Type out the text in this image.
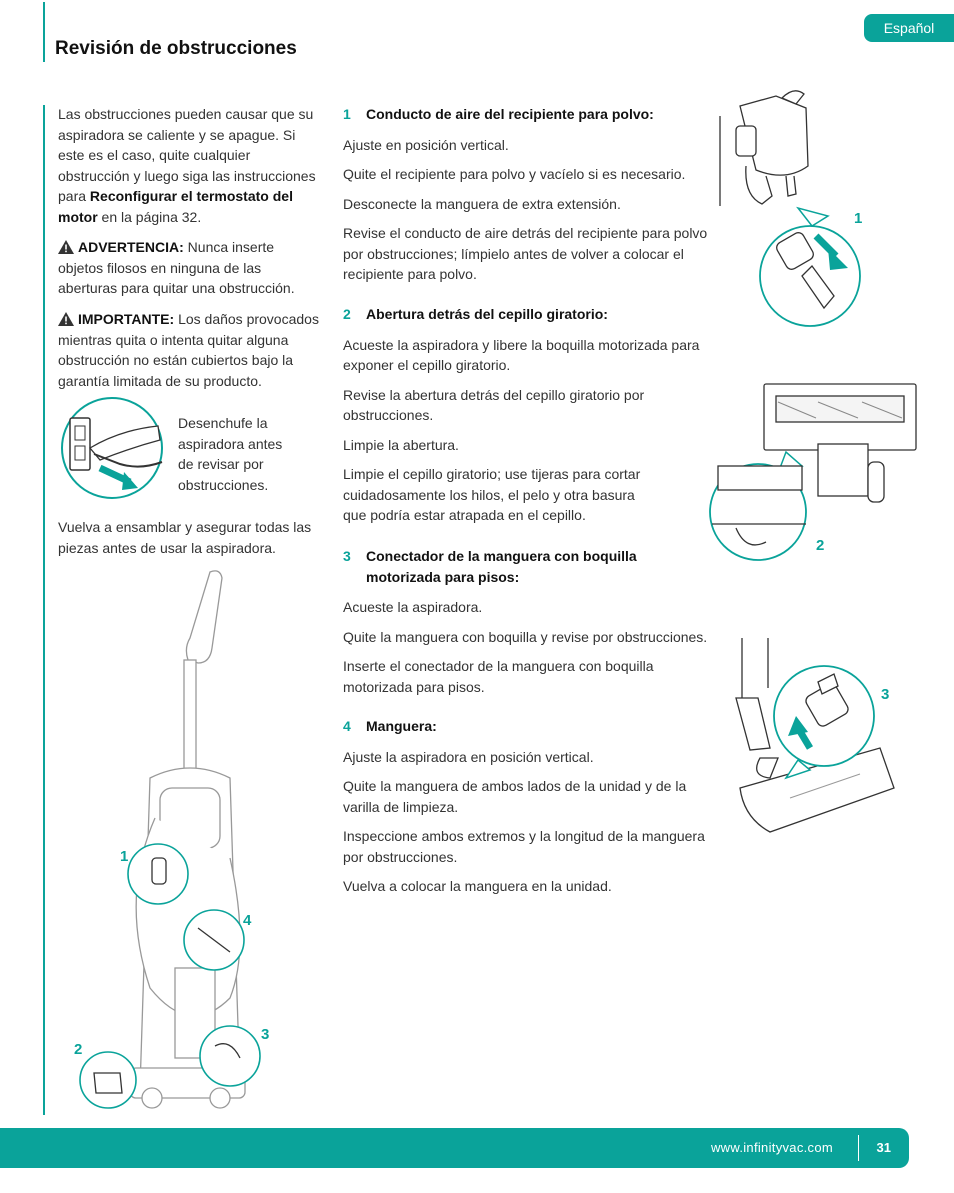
Español
Revisión de obstrucciones

Las obstrucciones pueden causar que su aspiradora se caliente y se apague. Si este es el caso, quite cualquier obstrucción y luego siga las instrucciones para Reconfigurar el termostato del motor en la página 32.

ADVERTENCIA: Nunca inserte objetos filosos en ninguna de las aberturas para quitar una obstrucción.

IMPORTANTE: Los daños provocados mientras quita o intenta quitar alguna obstrucción no están cubiertos bajo la garantía limitada de su producto.

Desenchufe la aspiradora antes de revisar por obstrucciones.

Vuelva a ensamblar y asegurar todas las piezas antes de usar la aspiradora.

1
4
3
2

1 Conducto de aire del recipiente para polvo:

Ajuste en posición vertical.

Quite el recipiente para polvo y vacíelo si es necesario.

Desconecte la manguera de extra extensión.

Revise el conducto de aire detrás del recipiente para polvo por obstrucciones; límpielo antes de volver a colocar el recipiente para polvo.

2 Abertura detrás del cepillo giratorio:

Acueste la aspiradora y libere la boquilla motorizada para exponer el cepillo giratorio.

Revise la abertura detrás del cepillo giratorio por obstrucciones.

Limpie la abertura.

Limpie el cepillo giratorio; use tijeras para cortar cuidadosamente los hilos, el pelo y otra basura que podría estar atrapada en el cepillo.

3 Conectador de la manguera con boquilla motorizada para pisos:

Acueste la aspiradora.

Quite la manguera con boquilla y revise por obstrucciones.

Inserte el conectador de la manguera con boquilla motorizada para pisos.

4 Manguera:

Ajuste la aspiradora en posición vertical.

Quite la manguera de ambos lados de la unidad y de la varilla de limpieza.

Inspeccione ambos extremos y la longitud de la manguera por obstrucciones.

Vuelva a colocar la manguera en la unidad.

1
2
3
www.infinityvac.com	31
